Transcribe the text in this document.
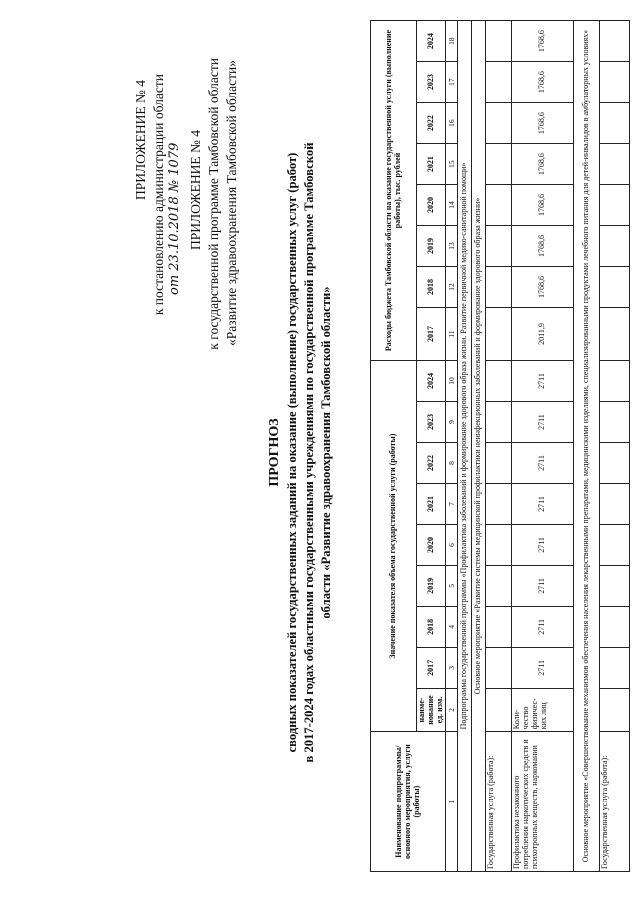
ПРИЛОЖЕНИЕ № 4 к постановлению администрации области от 23.10.2018 № 1079 ПРИЛОЖЕНИЕ № 4 к государственной программе Тамбовской области «Развитие здравоохранения Тамбовской области»
ПРОГНОЗ сводных показателей государственных заданий на оказание (выполнение) государственных услуг (работ) в 2017-2024 годах областными государственными учреждениями по государственной программе Тамбовской области «Развитие здравоохранения Тамбовской области»
Наименование подпрограммы/основного мероприятия, услуги (работы)	Значение показателя объема государственной услуги (работы)									Расходы бюджета Тамбовской области на оказание государственной услуги (выполнение работы), тыс. рублей							
	наиме-нование ед. изм.	2017	2018	2019	2020	2021	2022	2023	2024	2017	2018	2019	2020	2021	2022	2023	2024
1	2	3	4	5	6	7	8	9	10	11	12	13	14	15	16	17	18
Подпрограмма государственной программы «Профилактика заболеваний и формирование здорового образа жизни. Развитие первичной медико-санитарной помощи»																	
Основное мероприятие «Развитие системы медицинской профилактики неинфекционных заболеваний и формирование здорового образа жизни»																	
Государственная услуга (работа):																	
Профилактика незаконного потребления наркотических средств и психотропных веществ, наркомании	Коли-чество физичес-ких лиц	2711	2711	2711	2711	2711	2711	2711	2711	2011,9	1768,6	1768,6	1768,6	1768,6	1768,6	1768,6	1768,6
Основное мероприятие «Совершенствование механизмов обеспечения населения лекарственными препаратами, медицинскими изделиями, специализированными продуктами лечебного питания для детей-инвалидов в амбулаторных условиях»																	
Государственная услуга (работа):																	
